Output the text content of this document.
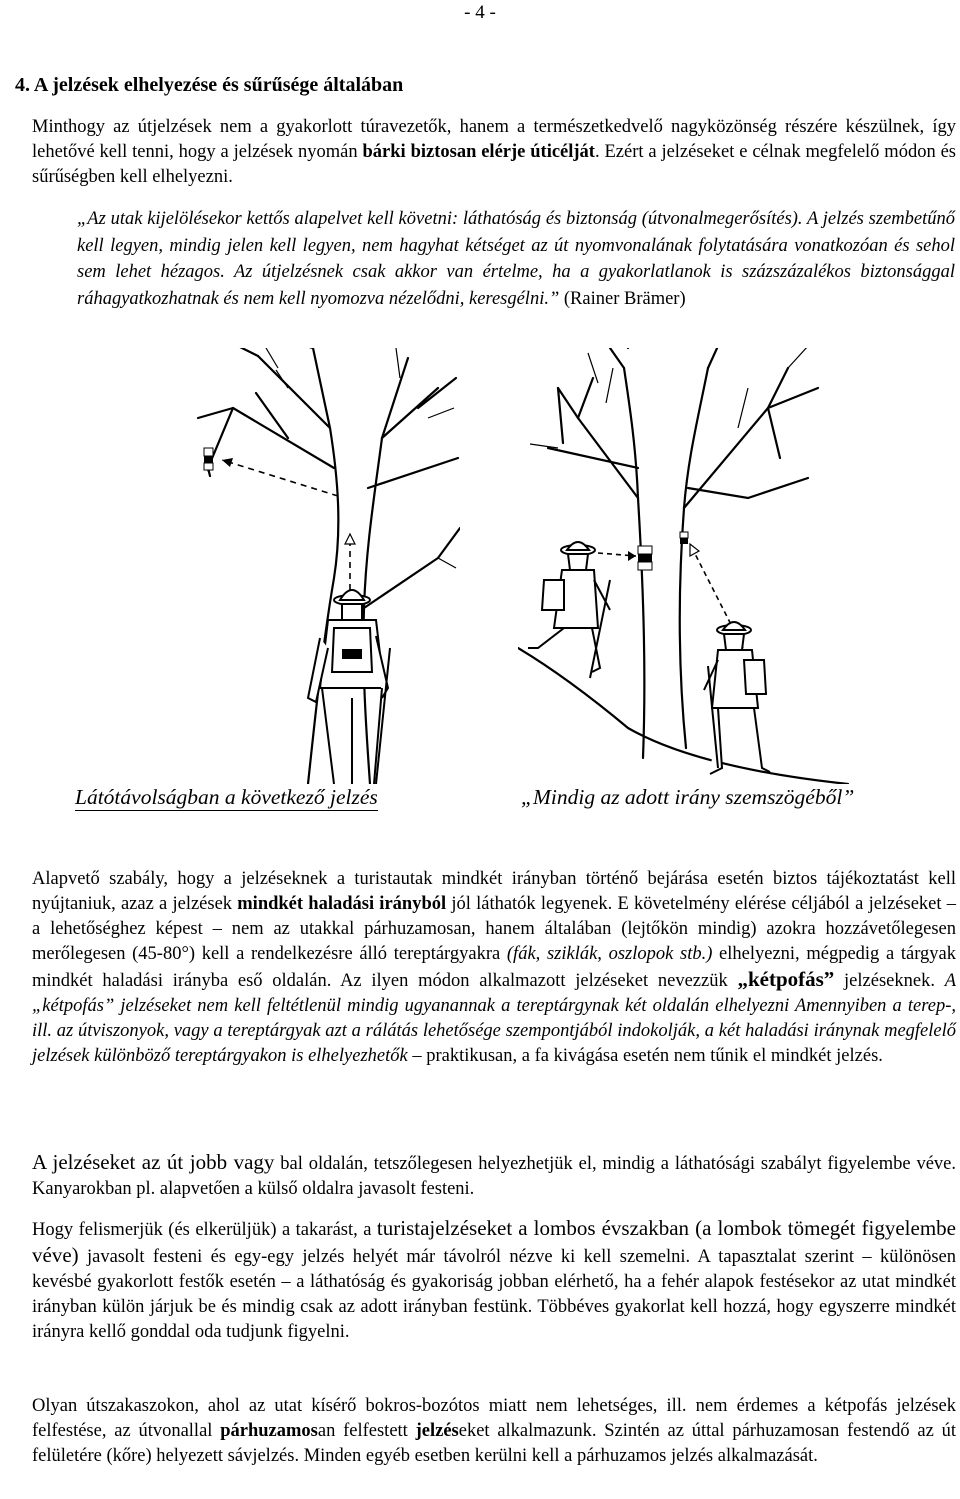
- 4 -
4. A jelzések elhelyezése és sűrűsége általában
Minthogy az útjelzések nem a gyakorlott túravezetők, hanem a természetkedvelő nagyközönség részére készülnek, így lehetővé kell tenni, hogy a jelzések nyomán bárki biztosan elérje úticélját. Ezért a jelzéseket e célnak megfelelő módon és sűrűségben kell elhelyezni.
„Az utak kijelölésekor kettős alapelvet kell követni: láthatóság és biztonság (útvonalmegerősítés). A jelzés szembetűnő kell legyen, mindig jelen kell legyen, nem hagyhat kétséget az út nyomvonalának folytatására vonatkozóan és sehol sem lehet hézagos. Az útjelzésnek csak akkor van értelme, ha a gyakorlatlanok is százszázalékos biztonsággal ráhagyatkozhatnak és nem kell nyomozva nézelődni, keresgélni.” (Rainer Brämer)
Látótávolságban a következő jelzés	„Mindig az adott irány szemszögéből”
Alapvető szabály, hogy a jelzéseknek a turistautak mindkét irányban történő bejárása esetén biztos tájékoztatást kell nyújtaniuk, azaz a jelzések mindkét haladási irányból jól láthatók legyenek. E követelmény elérése céljából a jelzéseket – a lehetőséghez képest – nem az utakkal párhuzamosan, hanem általában (lejtőkön mindig) azokra hozzávetőlegesen merőlegesen (45-80°) kell a rendelkezésre álló tereptárgyakra (fák, sziklák, oszlopok stb.) elhelyezni, mégpedig a tárgyak mindkét haladási irányba eső oldalán. Az ilyen módon alkalmazott jelzéseket nevezzük „kétpofás” jelzéseknek. A „kétpofás” jelzéseket nem kell feltétlenül mindig ugyanannak a tereptárgynak két oldalán elhelyezni Amennyiben a terep-, ill. az útviszonyok, vagy a tereptárgyak azt a rálátás lehetősége szempontjából indokolják, a két haladási iránynak megfelelő jelzések különböző tereptárgyakon is elhelyezhetők – praktikusan, a fa kivágása esetén nem tűnik el mindkét jelzés.
A jelzéseket az út jobb vagy bal oldalán, tetszőlegesen helyezhetjük el, mindig a láthatósági szabályt figyelembe véve. Kanyarokban pl. alapvetően a külső oldalra javasolt festeni.
Hogy felismerjük (és elkerüljük) a takarást, a turistajelzéseket a lombos évszakban (a lombok tömegét figyelembe véve) javasolt festeni és egy-egy jelzés helyét már távolról nézve ki kell szemelni. A tapasztalat szerint – különösen kevésbé gyakorlott festők esetén – a láthatóság és gyakoriság jobban elérhető, ha a fehér alapok festésekor az utat mindkét irányban külön járjuk be és mindig csak az adott irányban festünk. Többéves gyakorlat kell hozzá, hogy egyszerre mindkét irányra kellő gonddal oda tudjunk figyelni.
Olyan útszakaszokon, ahol az utat kísérő bokros-bozótos miatt nem lehetséges, ill. nem érdemes a kétpofás jelzések felfestése, az útvonallal párhuzamosan felfestett jelzéseket alkalmazunk. Szintén az úttal párhuzamosan festendő az út felületére (kőre) helyezett sávjelzés. Minden egyéb esetben kerülni kell a párhuzamos jelzés alkalmazását.
